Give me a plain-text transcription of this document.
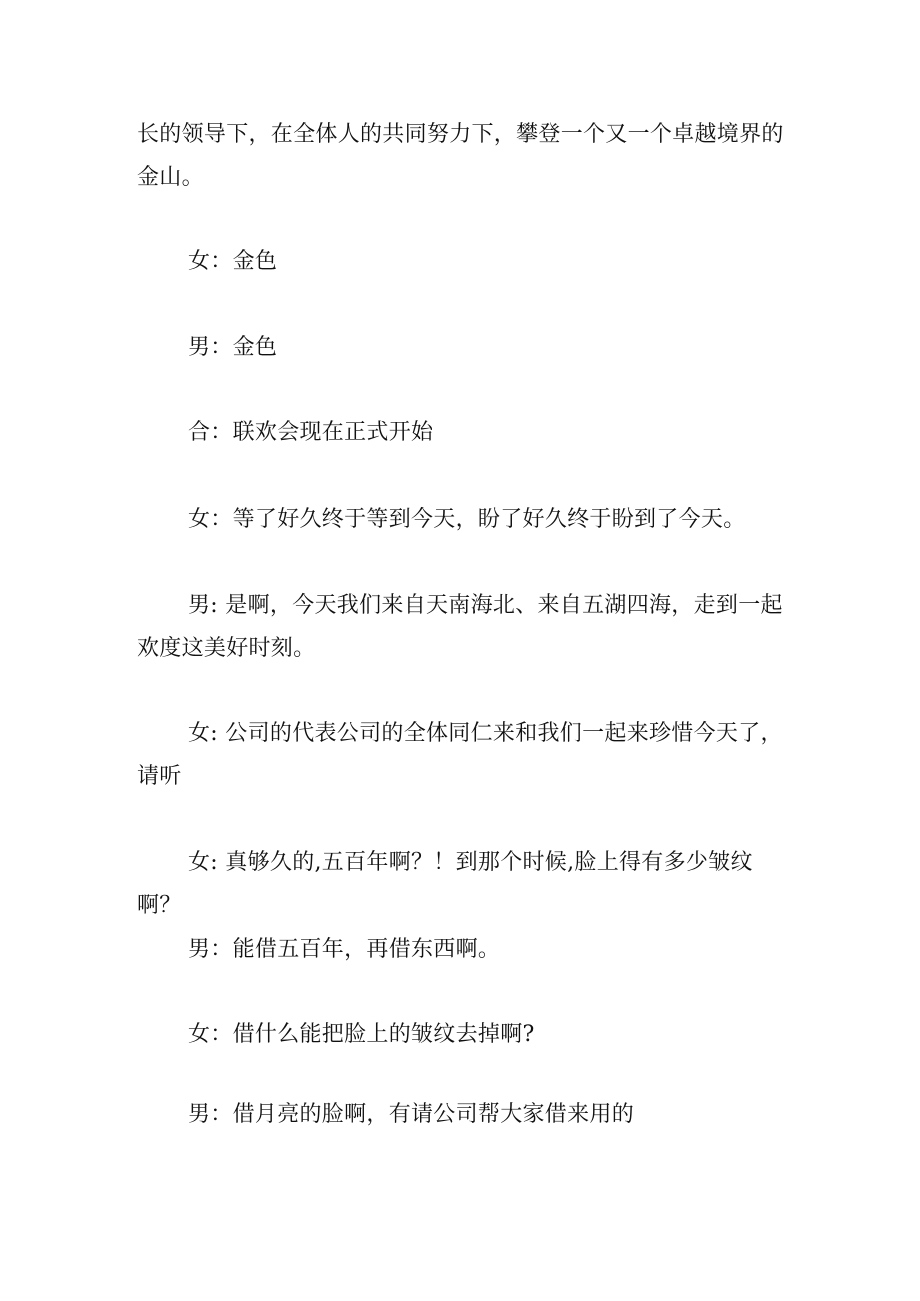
长的领导下，在全体人的共同努力下，攀登一个又一个卓越境界的金山。

女：金色

男：金色

合：联欢会现在正式开始

女：等了好久终于等到今天，盼了好久终于盼到了今天。

男: 是啊，今天我们来自天南海北、来自五湖四海，走到一起欢度这美好时刻。

女: 公司的代表公司的全体同仁来和我们一起来珍惜今天了，请听

女: 真够久的,五百年啊？！到那个时候,脸上得有多少皱纹啊？

男：能借五百年，再借东西啊。

女：借什么能把脸上的皱纹去掉啊?

男：借月亮的脸啊，有请公司帮大家借来用的
